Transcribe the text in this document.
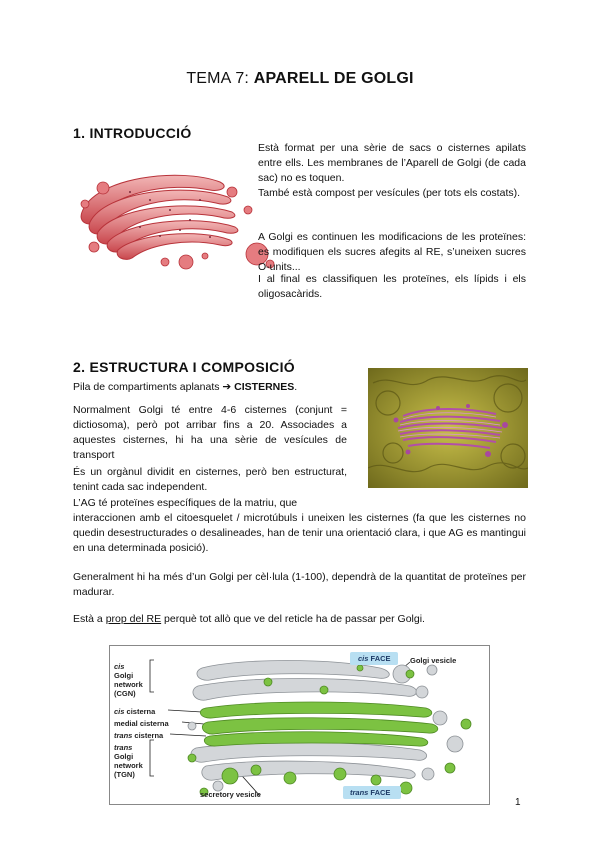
TEMA 7: APARELL DE GOLGI
1. INTRODUCCIÓ

Està format per una sèrie de sacs o cisternes apilats entre ells. Les membranes de l’Aparell de Golgi (de cada sac) no es toquen.

També està compost per vesícules (per tots els costats).

A Golgi es continuen les modificacions de les proteïnes: es modifiquen els sucres afegits al RE, s’uneixen sucres O-units...

I al final es classifiquen les proteïnes, els lípids i els oligosacàrids.

2. ESTRUCTURA I COMPOSICIÓ

Pila de compartiments aplanats ➔ CISTERNES.

Normalment Golgi té entre 4-6 cisternes (conjunt = dictiosoma), però pot arribar fins a 20. Associades a aquestes cisternes, hi ha una sèrie de vesícules de transport

És un orgànul dividit en cisternes, però ben estructurat, tenint cada sac independent.

L’AG té proteïnes específiques de la matriu, que

interaccionen amb el citoesquelet / microtúbuls i uneixen les cisternes (fa que les cisternes no quedin desestructurades o desalineades, han de tenir una orientació clara, i que AG es mantingui en una determinada posició).

Generalment hi ha més d’un Golgi per cèl·lula (1-100), dependrà de la quantitat de proteïnes per madurar.

Està a prop del RE perquè tot allò que ve del reticle ha de passar per Golgi.

cis
Golgi
network
(CGN)
cis cisterna
medial cisterna
trans cisterna
trans
Golgi
network
(TGN)
secretory vesicle
Golgi vesicle
cis FACE
trans FACE
1
